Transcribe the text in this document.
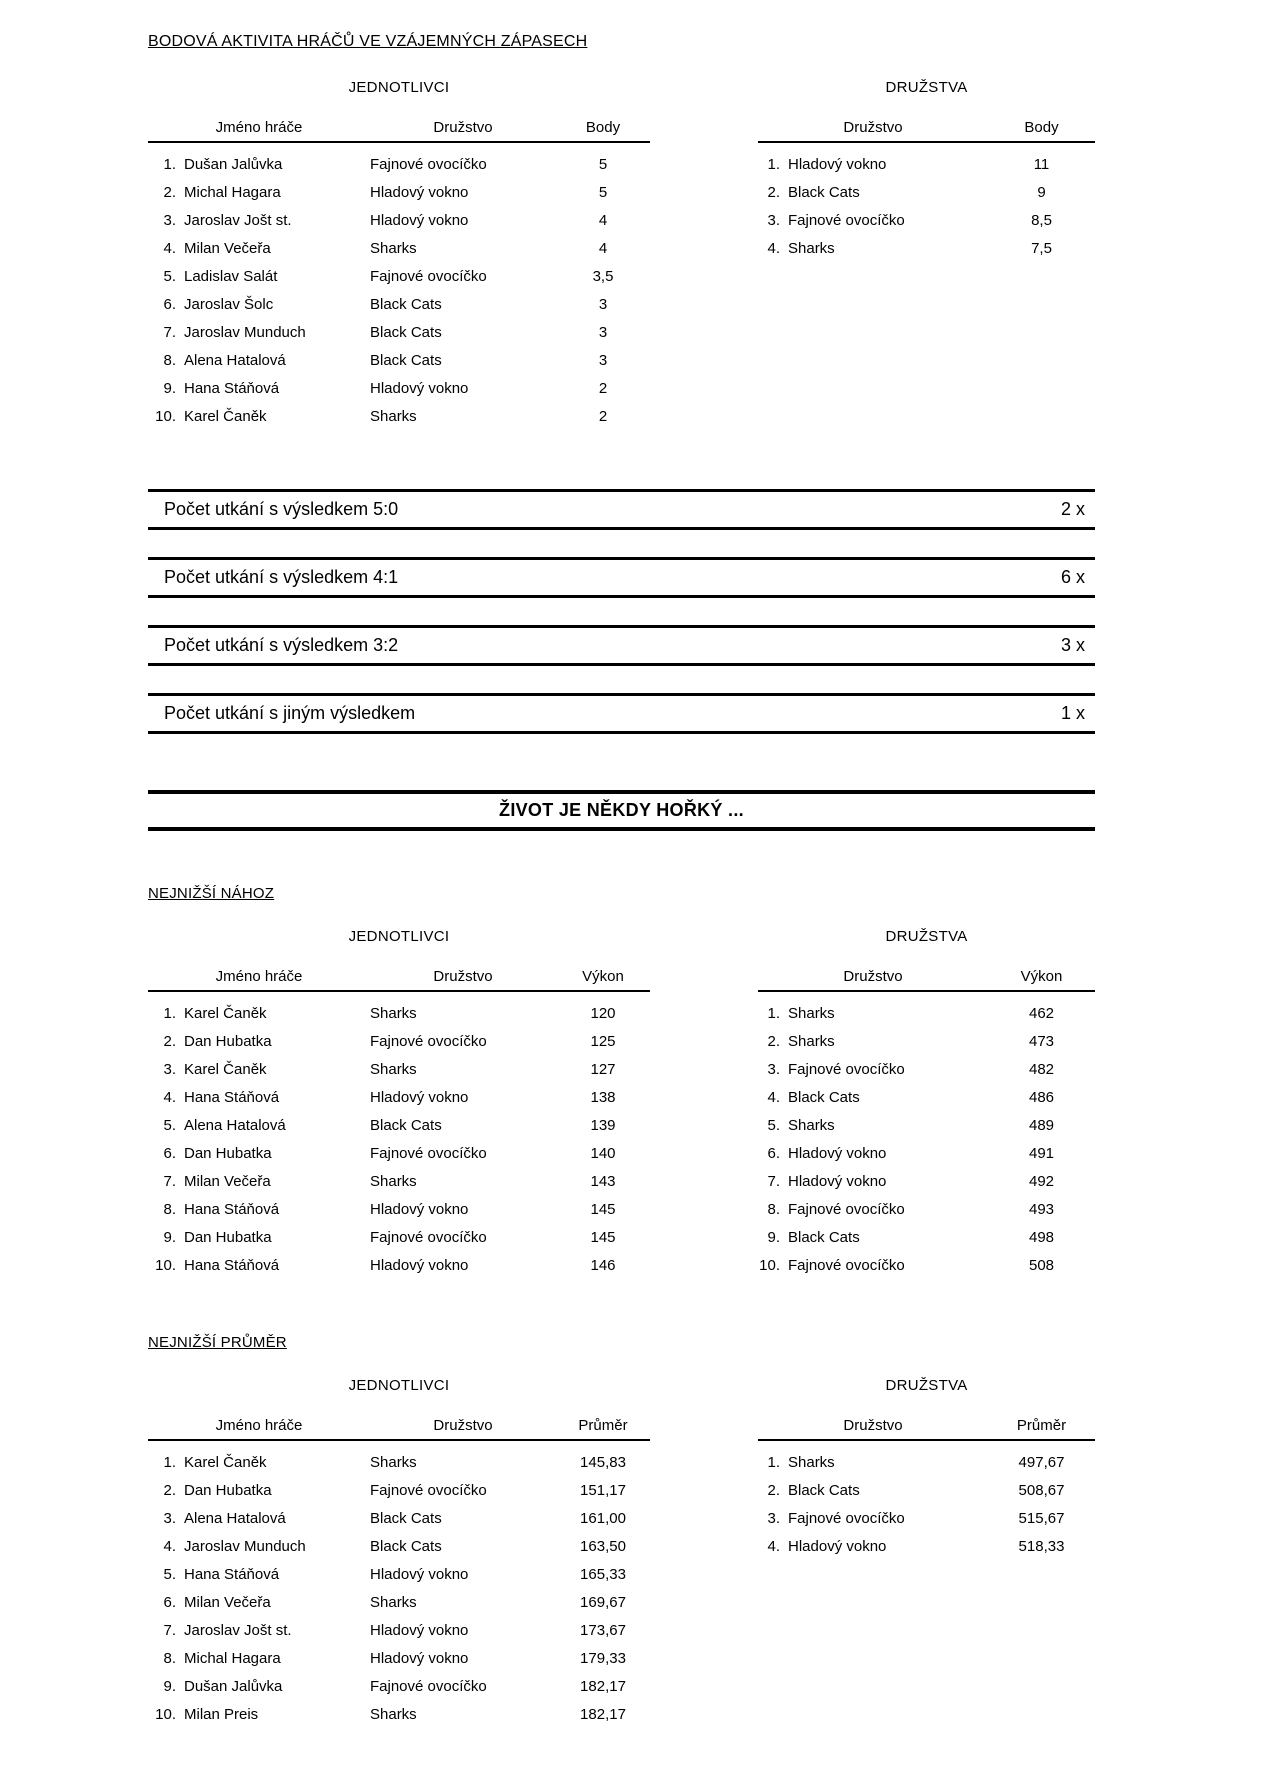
BODOVÁ AKTIVITA HRÁČŮ VE VZÁJEMNÝCH ZÁPASECH
JEDNOTLIVCI
Jméno hráče	Družstvo	Body
1. Dušan Jalůvka	Fajnové ovocíčko	5
2. Michal Hagara	Hladový vokno	5
3. Jaroslav Jošt st.	Hladový vokno	4
4. Milan Večeřa	Sharks	4
5. Ladislav Salát	Fajnové ovocíčko	3,5
6. Jaroslav Šolc	Black Cats	3
7. Jaroslav Munduch	Black Cats	3
8. Alena Hatalová	Black Cats	3
9. Hana Stáňová	Hladový vokno	2
10. Karel Čaněk	Sharks	2
DRUŽSTVA
Družstvo	Body
1. Hladový vokno	11
2. Black Cats	9
3. Fajnové ovocíčko	8,5
4. Sharks	7,5
Počet utkání s výsledkem 5:0	2 x
Počet utkání s výsledkem 4:1	6 x
Počet utkání s výsledkem 3:2	3 x
Počet utkání s jiným výsledkem	1 x
ŽIVOT JE NĚKDY HOŘKÝ ...
NEJNIŽŠÍ NÁHOZ
JEDNOTLIVCI
Jméno hráče	Družstvo	Výkon
1. Karel Čaněk	Sharks	120
2. Dan Hubatka	Fajnové ovocíčko	125
3. Karel Čaněk	Sharks	127
4. Hana Stáňová	Hladový vokno	138
5. Alena Hatalová	Black Cats	139
6. Dan Hubatka	Fajnové ovocíčko	140
7. Milan Večeřa	Sharks	143
8. Hana Stáňová	Hladový vokno	145
9. Dan Hubatka	Fajnové ovocíčko	145
10. Hana Stáňová	Hladový vokno	146
DRUŽSTVA
Družstvo	Výkon
1. Sharks	462
2. Sharks	473
3. Fajnové ovocíčko	482
4. Black Cats	486
5. Sharks	489
6. Hladový vokno	491
7. Hladový vokno	492
8. Fajnové ovocíčko	493
9. Black Cats	498
10. Fajnové ovocíčko	508
NEJNIŽŠÍ PRŮMĚR
JEDNOTLIVCI
Jméno hráče	Družstvo	Průměr
1. Karel Čaněk	Sharks	145,83
2. Dan Hubatka	Fajnové ovocíčko	151,17
3. Alena Hatalová	Black Cats	161,00
4. Jaroslav Munduch	Black Cats	163,50
5. Hana Stáňová	Hladový vokno	165,33
6. Milan Večeřa	Sharks	169,67
7. Jaroslav Jošt st.	Hladový vokno	173,67
8. Michal Hagara	Hladový vokno	179,33
9. Dušan Jalůvka	Fajnové ovocíčko	182,17
10. Milan Preis	Sharks	182,17
DRUŽSTVA
Družstvo	Průměr
1. Sharks	497,67
2. Black Cats	508,67
3. Fajnové ovocíčko	515,67
4. Hladový vokno	518,33
